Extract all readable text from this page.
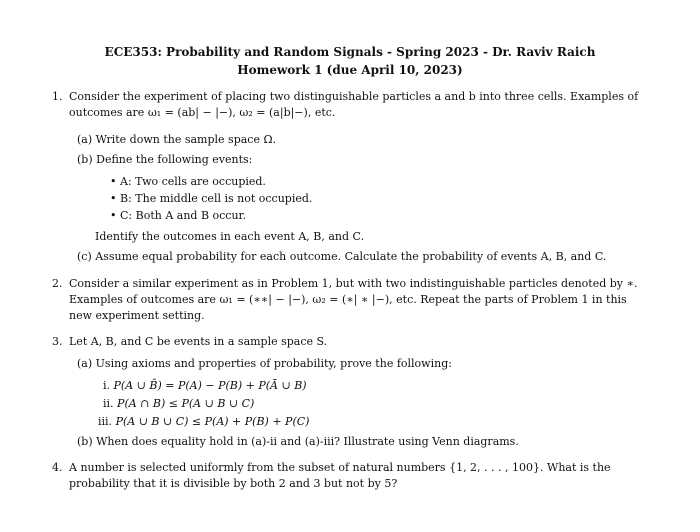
ECE353: Probability and Random Signals - Spring 2023 - Dr. Raviv Raich
Homework 1 (due April 10, 2023)
1. Consider the experiment of placing two distinguishable particles a and b into three cells. Examples of outcomes are ω₁ = (ab| − |−), ω₂ = (a|b|−), etc.
(a) Write down the sample space Ω.
(b) Define the following events:
• A: Two cells are occupied.
• B: The middle cell is not occupied.
• C: Both A and B occur.
Identify the outcomes in each event A, B, and C.
(c) Assume equal probability for each outcome. Calculate the probability of events A, B, and C.
2. Consider a similar experiment as in Problem 1, but with two indistinguishable particles denoted by ∗. Examples of outcomes are ω₁ = (∗∗| − |−), ω₂ = (∗| ∗ |−), etc. Repeat the parts of Problem 1 in this new experiment setting.
3. Let A, B, and C be events in a sample space S.
(a) Using axioms and properties of probability, prove the following:
i. P(A ∪ B̄) = P(A) − P(B) + P(Ā ∪ B)
ii. P(A ∩ B) ≤ P(A ∪ B ∪ C)
iii. P(A ∪ B ∪ C) ≤ P(A) + P(B) + P(C)
(b) When does equality hold in (a)-ii and (a)-iii? Illustrate using Venn diagrams.
4. A number is selected uniformly from the subset of natural numbers {1, 2, . . . , 100}. What is the probability that it is divisible by both 2 and 3 but not by 5?
